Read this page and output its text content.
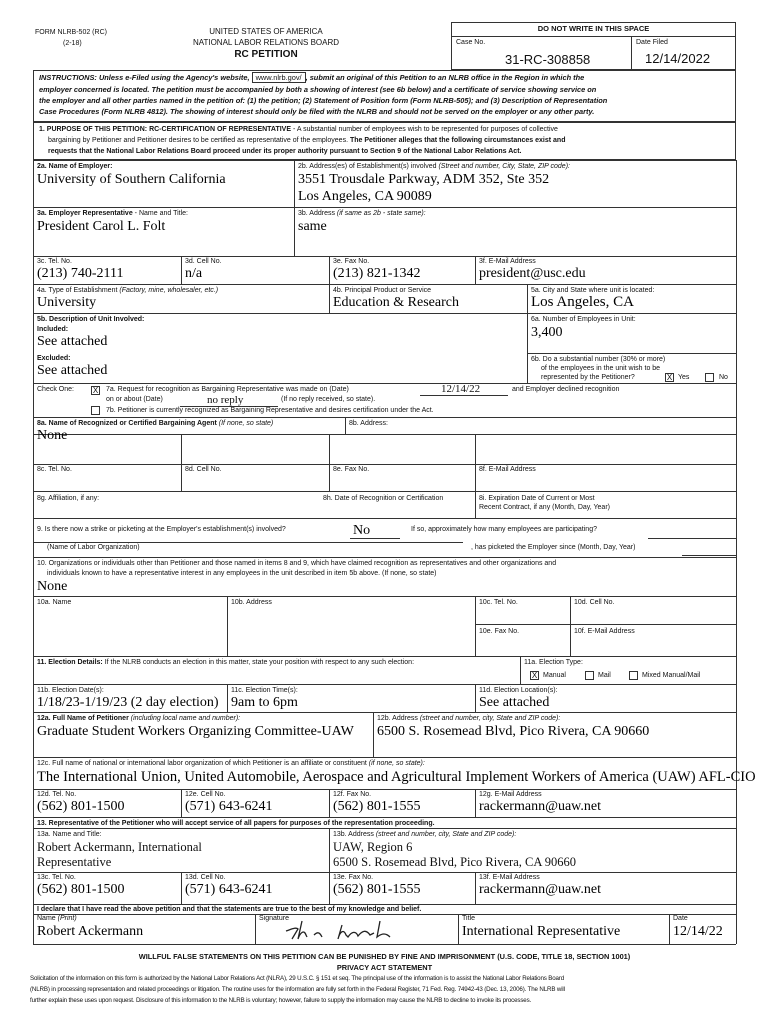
FORM NLRB-502 (RC)
(2-18)
UNITED STATES OF AMERICA
NATIONAL LABOR RELATIONS BOARD
RC PETITION
DO NOT WRITE IN THIS SPACE
Case No.
31-RC-308858
Date Filed
12/14/2022
INSTRUCTIONS: Unless e-Filed using the Agency's website, www.nlrb.gov/ , submit an original of this Petition to an NLRB office in the Region in which the
employer concerned is located. The petition must be accompanied by both a showing of interest (see 6b below) and a certificate of service showing service on
the employer and all other parties named in the petition of: (1) the petition; (2) Statement of Position form (Form NLRB-505); and (3) Description of Representation
Case Procedures (Form NLRB 4812). The showing of interest should only be filed with the NLRB and should not be served on the employer or any other party.
1. PURPOSE OF THIS PETITION: RC-CERTIFICATION OF REPRESENTATIVE - A substantial number of employees wish to be represented for purposes of collective
bargaining by Petitioner and Petitioner desires to be certified as representative of the employees. The Petitioner alleges that the following circumstances exist and
requests that the National Labor Relations Board proceed under its proper authority pursuant to Section 9 of the National Labor Relations Act.
2a. Name of Employer:
University of Southern California
2b. Address(es) of Establishment(s) involved (Street and number, City, State, ZIP code):
3551 Trousdale Parkway, ADM 352, Ste 352
Los Angeles, CA 90089
3a. Employer Representative - Name and Title:
President Carol L. Folt
3b. Address (if same as 2b - state same):
same
3c. Tel. No.
(213) 740-2111
3d. Cell No.
n/a
3e. Fax No.
(213) 821-1342
3f. E-Mail Address
president@usc.edu
4a. Type of Establishment (Factory, mine, wholesaler, etc.)
University
4b. Principal Product or Service
Education & Research
5a. City and State where unit is located:
Los Angeles, CA
5b. Description of Unit Involved:
Included:
See attached
Excluded:
See attached
6a. Number of Employees in Unit:
3,400
6b. Do a substantial number (30% or more)
of the employees in the unit wish to be
represented by the Petitioner?	X Yes	No
Check One: X 7a. Request for recognition as Bargaining Representative was made on (Date)	12/14/22	and Employer declined recognition
on or about (Date)	no reply	(If no reply received, so state).
7b. Petitioner is currently recognized as Bargaining Representative and desires certification under the Act.
8a. Name of Recognized or Certified Bargaining Agent (If none, so state)
None
8b. Address:
8c. Tel. No.	8d. Cell No.	8e. Fax No.	8f. E-Mail Address
8g. Affiliation, if any:	8h. Date of Recognition or Certification	8i. Expiration Date of Current or Most
Recent Contract, if any (Month, Day, Year)
9. Is there now a strike or picketing at the Employer's establishment(s) involved?	No	If so, approximately how many employees are participating?
(Name of Labor Organization)	, has picketed the Employer since (Month, Day, Year)
10. Organizations or individuals other than Petitioner and those named in items 8 and 9, which have claimed recognition as representatives and other organizations and
individuals known to have a representative interest in any employees in the unit described in item 5b above. (If none, so state)
None
10a. Name	10b. Address	10c. Tel. No.	10d. Cell No.
10e. Fax No.	10f. E-Mail Address
11. Election Details: If the NLRB conducts an election in this matter, state your position with respect to any such election:	11a. Election Type:
X Manual	Mail	Mixed Manual/Mail
11b. Election Date(s):
1/18/23-1/19/23 (2 day election)
11c. Election Time(s):
9am to 6pm
11d. Election Location(s):
See attached
12a. Full Name of Petitioner (including local name and number):
Graduate Student Workers Organizing Committee-UAW
12b. Address (street and number, city, State and ZIP code):
6500 S. Rosemead Blvd, Pico Rivera, CA 90660
12c. Full name of national or international labor organization of which Petitioner is an affiliate or constituent (if none, so state):
The International Union, United Automobile, Aerospace and Agricultural Implement Workers of America (UAW) AFL-CIO
12d. Tel. No.
(562) 801-1500
12e. Cell No.
(571) 643-6241
12f. Fax No.
(562) 801-1555
12g. E-Mail Address
rackermann@uaw.net
13. Representative of the Petitioner who will accept service of all papers for purposes of the representation proceeding.
13a. Name and Title:
Robert Ackermann, International
Representative
13b. Address (street and number, city, State and ZIP code):
UAW, Region 6
6500 S. Rosemead Blvd, Pico Rivera, CA 90660
13c. Tel. No.
(562) 801-1500
13d. Cell No.
(571) 643-6241
13e. Fax No.
(562) 801-1555
13f. E-Mail Address
rackermann@uaw.net
I declare that I have read the above petition and that the statements are true to the best of my knowledge and belief.
Name (Print)
Robert Ackermann
Signature	Title
International Representative
Date
12/14/22
WILLFUL FALSE STATEMENTS ON THIS PETITION CAN BE PUNISHED BY FINE AND IMPRISONMENT (U.S. CODE, TITLE 18, SECTION 1001)
PRIVACY ACT STATEMENT
Solicitation of the information on this form is authorized by the National Labor Relations Act (NLRA), 29 U.S.C. § 151 et seq. The principal use of the information is to assist the National Labor Relations Board
(NLRB) in processing representation and related proceedings or litigation. The routine uses for the information are fully set forth in the Federal Register, 71 Fed. Reg. 74942-43 (Dec. 13, 2006). The NLRB will
further explain these uses upon request. Disclosure of this information to the NLRB is voluntary; however, failure to supply the information may cause the NLRB to decline to invoke its processes.
